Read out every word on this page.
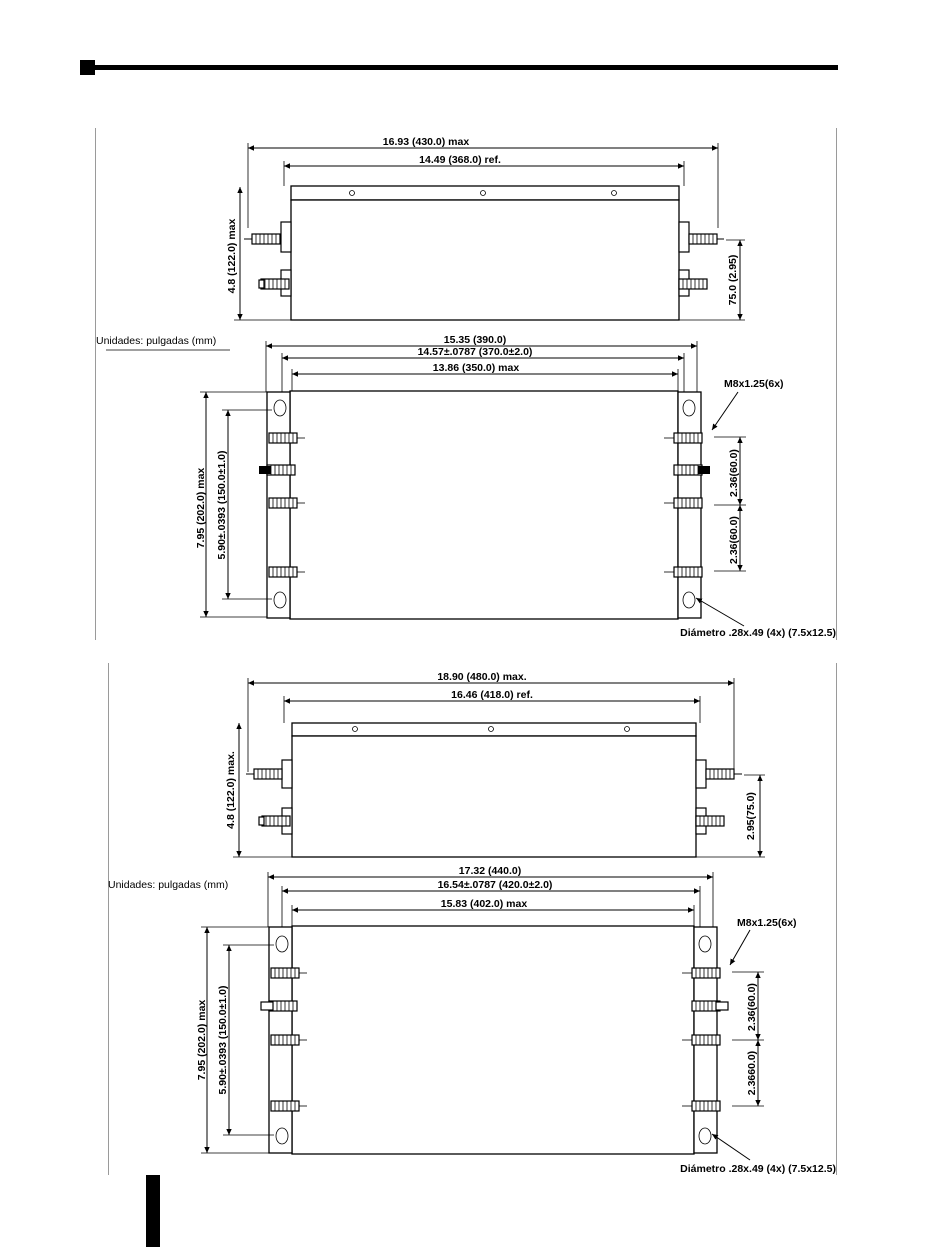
16.93 (430.0) max
14.49 (368.0) ref.
4.8 (122.0) max	75.0 (2.95)
Unidades: pulgadas (mm)	15.35 (390.0)
14.57±.0787 (370.0±2.0)
13.86 (350.0) max
7.95 (202.0) max 5.90±.0393 (150.0±1.0)
M8x1.25(6x)
2.36(60.0)
2.36(60.0)
Diámetro .28x.49 (4x) (7.5x12.5)
18.90 (480.0) max.
16.46 (418.0) ref.
4.8 (122.0) max.	2.95(75.0)
Unidades: pulgadas (mm)
17.32 (440.0)
16.54±.0787 (420.0±2.0)
15.83 (402.0) max
7.95 (202.0) max 5.90±.0393 (150.0±1.0)
M8x1.25(6x)
2.36(60.0)
2.3660.0)
Diámetro .28x.49 (4x) (7.5x12.5)
